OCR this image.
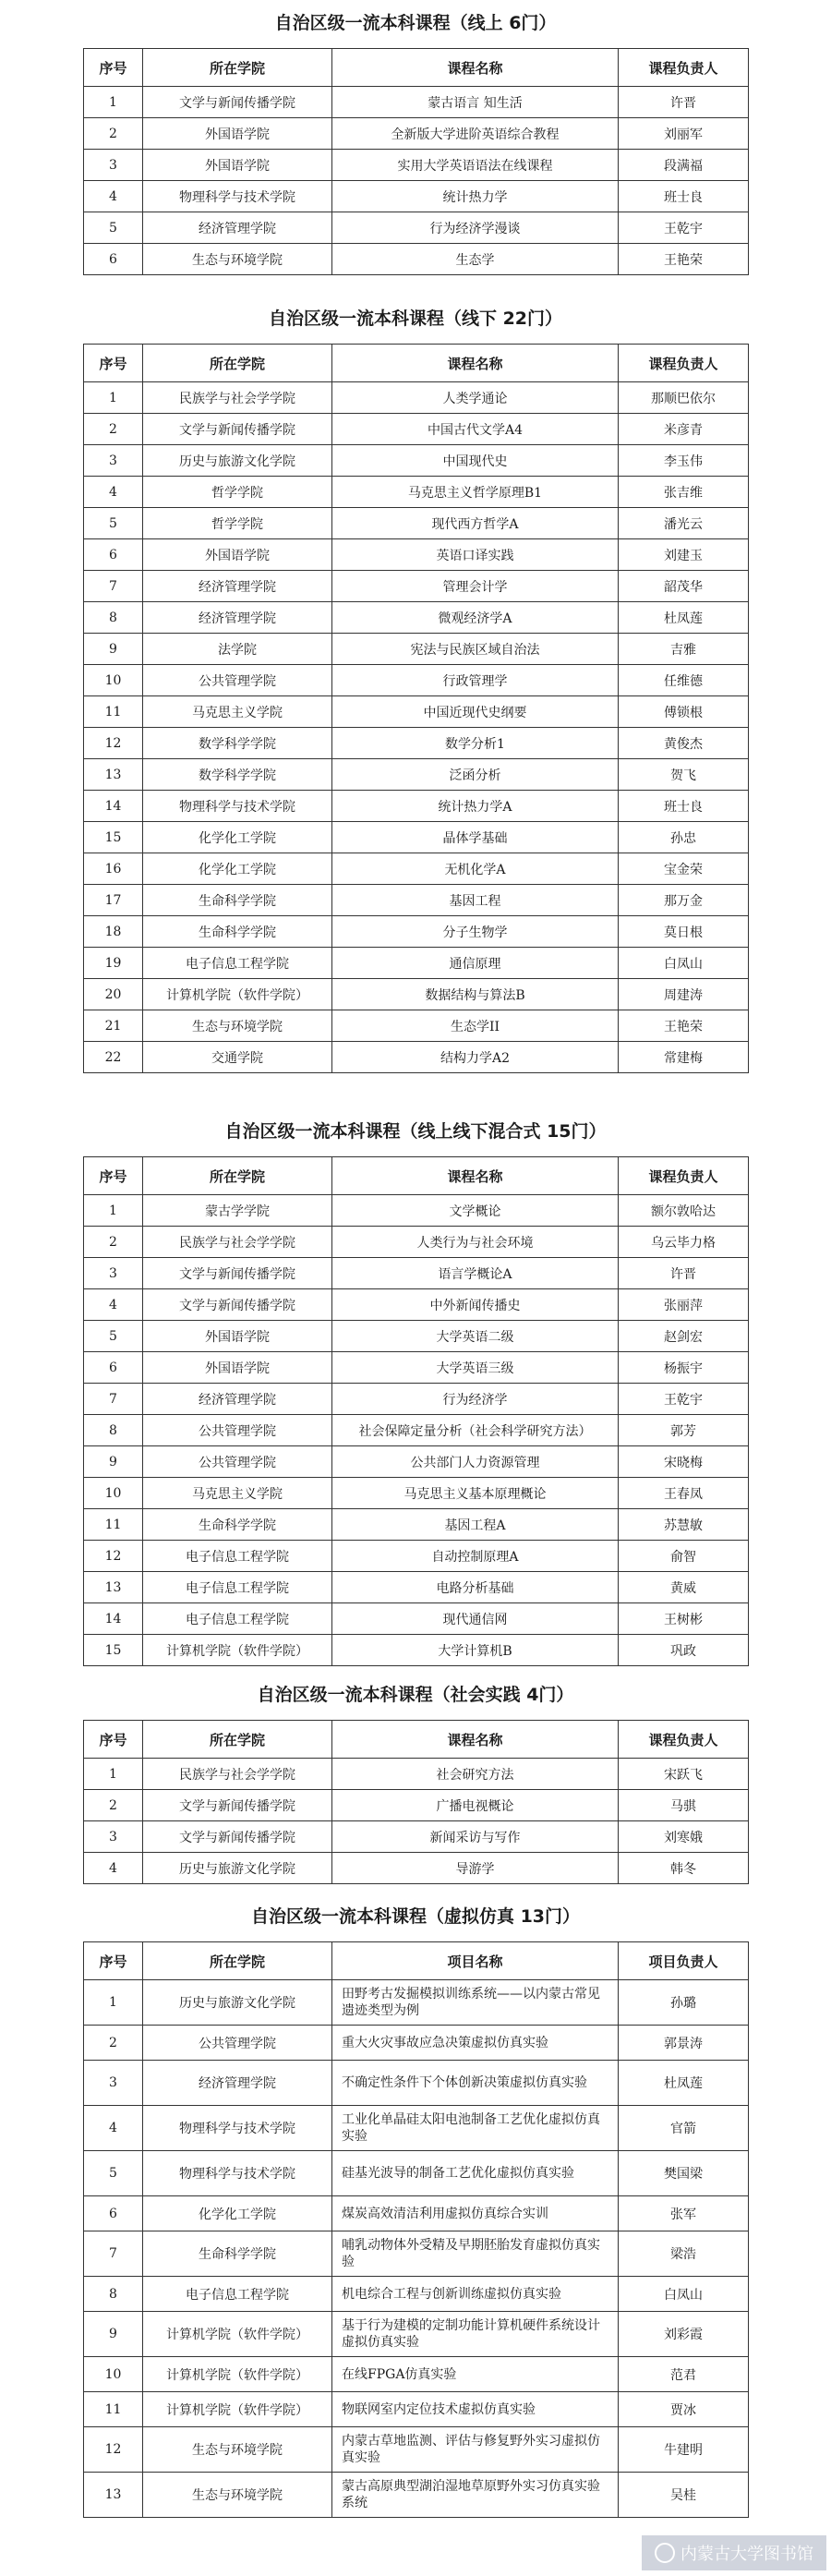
自治区级一流本科课程（线上 6门）
序号	所在学院	课程名称	课程负责人
1	文学与新闻传播学院	蒙古语言 知生活	许晋
2	外国语学院	全新版大学进阶英语综合教程	刘丽军
3	外国语学院	实用大学英语语法在线课程	段满福
4	物理科学与技术学院	统计热力学	班士良
5	经济管理学院	行为经济学漫谈	王乾宇
6	生态与环境学院	生态学	王艳荣
自治区级一流本科课程（线下 22门）
序号	所在学院	课程名称	课程负责人
1	民族学与社会学学院	人类学通论	那顺巴依尔
2	文学与新闻传播学院	中国古代文学A4	米彦青
3	历史与旅游文化学院	中国现代史	李玉伟
4	哲学学院	马克思主义哲学原理B1	张吉维
5	哲学学院	现代西方哲学A	潘光云
6	外国语学院	英语口译实践	刘建玉
7	经济管理学院	管理会计学	韶茂华
8	经济管理学院	微观经济学A	杜凤莲
9	法学院	宪法与民族区域自治法	吉雅
10	公共管理学院	行政管理学	任维德
11	马克思主义学院	中国近现代史纲要	傅锁根
12	数学科学学院	数学分析1	黄俊杰
13	数学科学学院	泛函分析	贺飞
14	物理科学与技术学院	统计热力学A	班士良
15	化学化工学院	晶体学基础	孙忠
16	化学化工学院	无机化学A	宝金荣
17	生命科学学院	基因工程	那万金
18	生命科学学院	分子生物学	莫日根
19	电子信息工程学院	通信原理	白凤山
20	计算机学院（软件学院）	数据结构与算法B	周建涛
21	生态与环境学院	生态学II	王艳荣
22	交通学院	结构力学A2	常建梅
自治区级一流本科课程（线上线下混合式 15门）
序号	所在学院	课程名称	课程负责人
1	蒙古学学院	文学概论	额尔敦哈达
2	民族学与社会学学院	人类行为与社会环境	乌云毕力格
3	文学与新闻传播学院	语言学概论A	许晋
4	文学与新闻传播学院	中外新闻传播史	张丽萍
5	外国语学院	大学英语二级	赵剑宏
6	外国语学院	大学英语三级	杨振宇
7	经济管理学院	行为经济学	王乾宇
8	公共管理学院	社会保障定量分析（社会科学研究方法）	郭芳
9	公共管理学院	公共部门人力资源管理	宋晓梅
10	马克思主义学院	马克思主义基本原理概论	王春凤
11	生命科学学院	基因工程A	苏慧敏
12	电子信息工程学院	自动控制原理A	俞智
13	电子信息工程学院	电路分析基础	黄威
14	电子信息工程学院	现代通信网	王树彬
15	计算机学院（软件学院）	大学计算机B	巩政
自治区级一流本科课程（社会实践 4门）
序号	所在学院	课程名称	课程负责人
1	民族学与社会学学院	社会研究方法	宋跃飞
2	文学与新闻传播学院	广播电视概论	马骐
3	文学与新闻传播学院	新闻采访与写作	刘寒娥
4	历史与旅游文化学院	导游学	韩冬
自治区级一流本科课程（虚拟仿真 13门）
序号	所在学院	项目名称	项目负责人
1	历史与旅游文化学院	田野考古发掘模拟训练系统——以内蒙古常见遗迹类型为例	孙璐
2	公共管理学院	重大火灾事故应急决策虚拟仿真实验	郭景涛
3	经济管理学院	不确定性条件下个体创新决策虚拟仿真实验	杜凤莲
4	物理科学与技术学院	工业化单晶硅太阳电池制备工艺优化虚拟仿真实验	官箭
5	物理科学与技术学院	硅基光波导的制备工艺优化虚拟仿真实验	樊国梁
6	化学化工学院	煤炭高效清洁利用虚拟仿真综合实训	张军
7	生命科学学院	哺乳动物体外受精及早期胚胎发育虚拟仿真实验	梁浩
8	电子信息工程学院	机电综合工程与创新训练虚拟仿真实验	白凤山
9	计算机学院（软件学院）	基于行为建模的定制功能计算机硬件系统设计虚拟仿真实验	刘彩霞
10	计算机学院（软件学院）	在线FPGA仿真实验	范君
11	计算机学院（软件学院）	物联网室内定位技术虚拟仿真实验	贾冰
12	生态与环境学院	内蒙古草地监测、评估与修复野外实习虚拟仿真实验	牛建明
13	生态与环境学院	蒙古高原典型湖泊湿地草原野外实习仿真实验系统	吴桂
内蒙古大学图书馆
